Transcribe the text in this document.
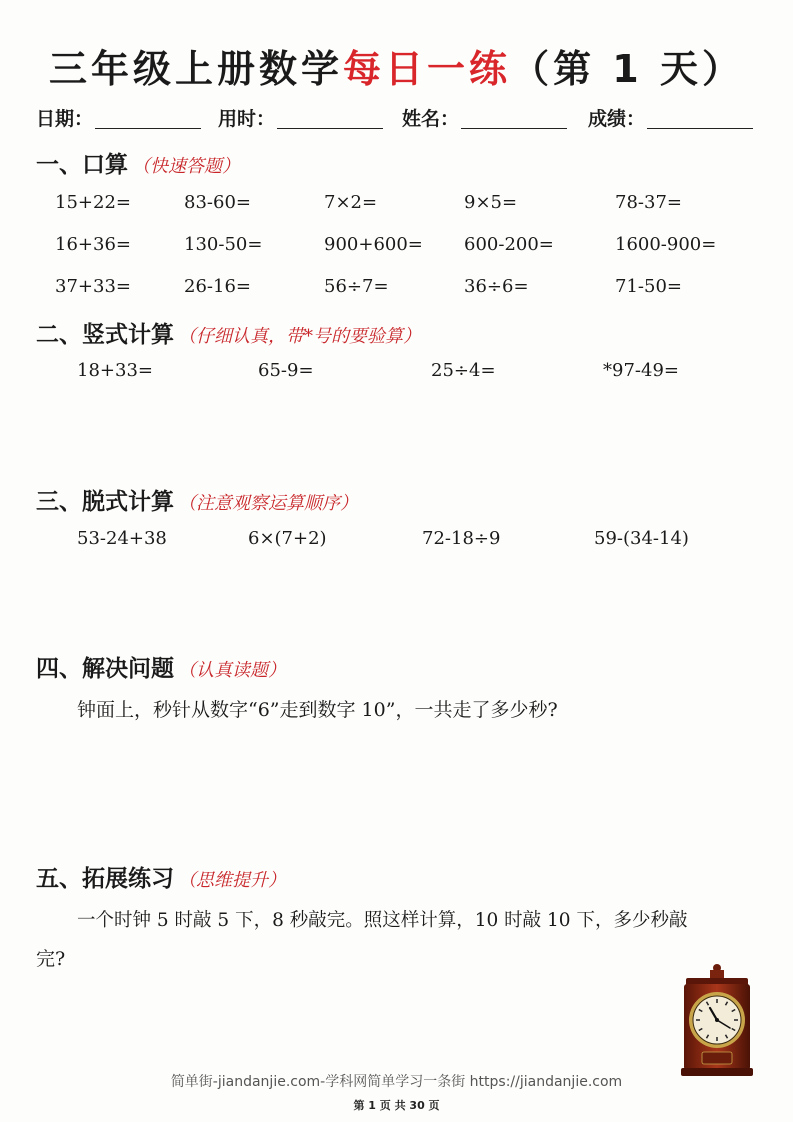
三年级上册数学每日一练（第 1 天）
日期：	用时：	姓名：	成绩：
一、口算 （快速答题）
15+22=	83-60=	7×2=	9×5=	78-37=
16+36=	130-50=	900+600= 600-200=	1600-900=
37+33=	26-16=	56÷7=	36÷6=	71-50=
二、竖式计算 （仔细认真，带*号的要验算）
18+33=	65-9=	25÷4=	*97-49=
三、脱式计算 （注意观察运算顺序）
53-24+38	6×(7+2)	72-18÷9	59-(34-14)
四、解决问题 （认真读题）
钟面上，秒针从数字“6”走到数字 10”，一共走了多少秒?
五、拓展练习 （思维提升）
一个时钟 5 时敲 5 下，8 秒敲完。照这样计算，10 时敲 10 下，多少秒敲
完?
简单街-jiandanjie.com-学科网简单学习一条街 https://jiandanjie.com
第 1 页 共 30 页
